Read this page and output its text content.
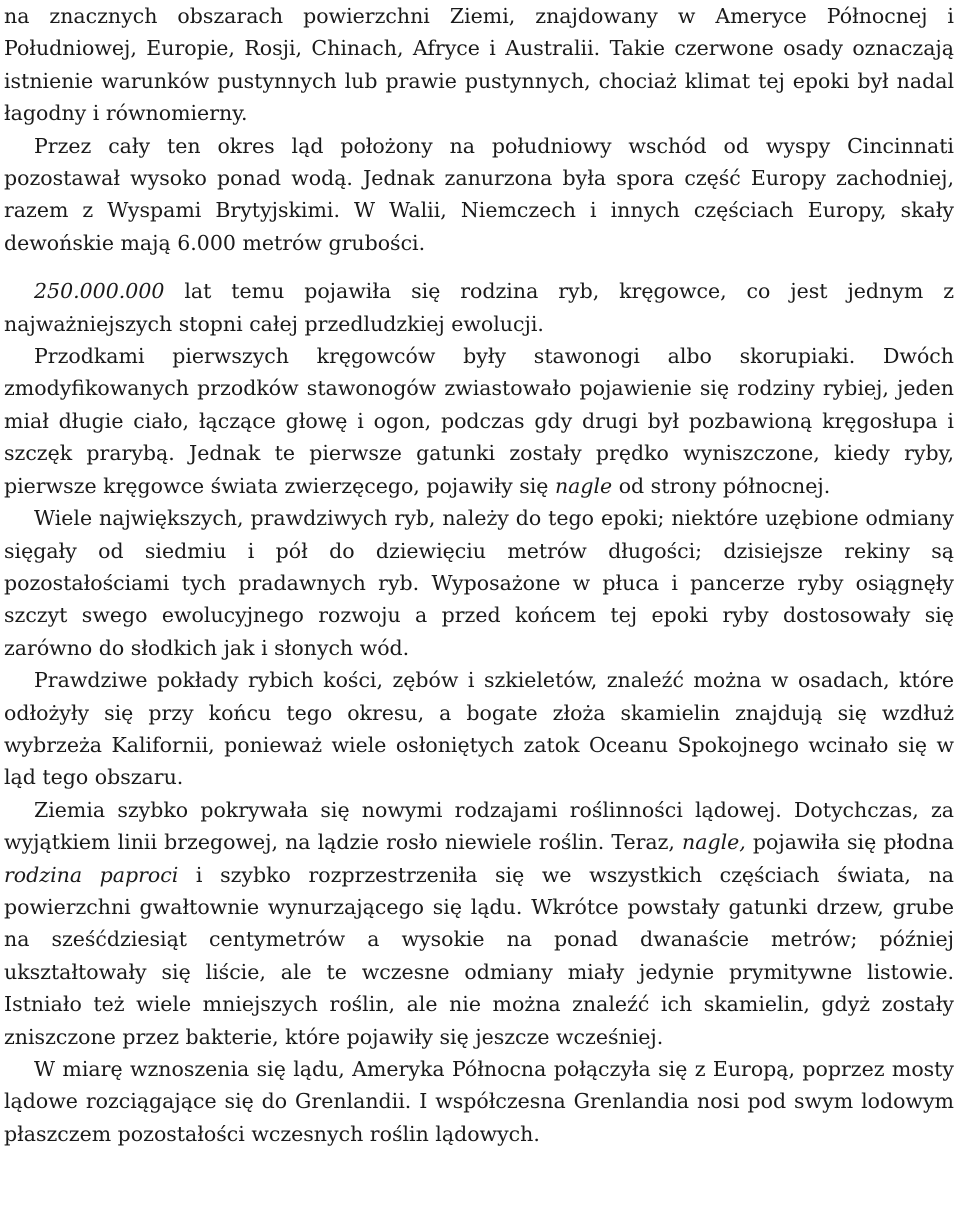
na znacznych obszarach powierzchni Ziemi, znajdowany w Ameryce Północnej i Południowej, Europie, Rosji, Chinach, Afryce i Australii. Takie czerwone osady oznaczają istnienie warunków pustynnych lub prawie pustynnych, chociaż klimat tej epoki był nadal łagodny i równomierny.

Przez cały ten okres ląd położony na południowy wschód od wyspy Cincinnati pozostawał wysoko ponad wodą. Jednak zanurzona była spora część Europy zachodniej, razem z Wyspami Brytyjskimi. W Walii, Niemczech i innych częściach Europy, skały dewońskie mają 6.000 metrów grubości.

250.000.000 lat temu pojawiła się rodzina ryb, kręgowce, co jest jednym z najważniejszych stopni całej przedludzkiej ewolucji.

Przodkami pierwszych kręgowców były stawonogi albo skorupiaki. Dwóch zmodyfikowanych przodków stawonogów zwiastowało pojawienie się rodziny rybiej, jeden miał długie ciało, łączące głowę i ogon, podczas gdy drugi był pozbawioną kręgosłupa i szczęk prarybą. Jednak te pierwsze gatunki zostały prędko wyniszczone, kiedy ryby, pierwsze kręgowce świata zwierzęcego, pojawiły się nagle od strony północnej.

Wiele największych, prawdziwych ryb, należy do tego epoki; niektóre uzębione odmiany sięgały od siedmiu i pół do dziewięciu metrów długości; dzisiejsze rekiny są pozostałościami tych pradawnych ryb. Wyposażone w płuca i pancerze ryby osiągnęły szczyt swego ewolucyjnego rozwoju a przed końcem tej epoki ryby dostosowały się zarówno do słodkich jak i słonych wód.

Prawdziwe pokłady rybich kości, zębów i szkieletów, znaleźć można w osadach, które odłożyły się przy końcu tego okresu, a bogate złoża skamielin znajdują się wzdłuż wybrzeża Kalifornii, ponieważ wiele osłoniętych zatok Oceanu Spokojnego wcinało się w ląd tego obszaru.

Ziemia szybko pokrywała się nowymi rodzajami roślinności lądowej. Dotychczas, za wyjątkiem linii brzegowej, na lądzie rosło niewiele roślin. Teraz, nagle, pojawiła się płodna rodzina paproci i szybko rozprzestrzeniła się we wszystkich częściach świata, na powierzchni gwałtownie wynurzającego się lądu. Wkrótce powstały gatunki drzew, grube na sześćdziesiąt centymetrów a wysokie na ponad dwanaście metrów; później ukształtowały się liście, ale te wczesne odmiany miały jedynie prymitywne listowie. Istniało też wiele mniejszych roślin, ale nie można znaleźć ich skamielin, gdyż zostały zniszczone przez bakterie, które pojawiły się jeszcze wcześniej.

W miarę wznoszenia się lądu, Ameryka Północna połączyła się z Europą, poprzez mosty lądowe rozciągające się do Grenlandii. I współczesna Grenlandia nosi pod swym lodowym płaszczem pozostałości wczesnych roślin lądowych.
